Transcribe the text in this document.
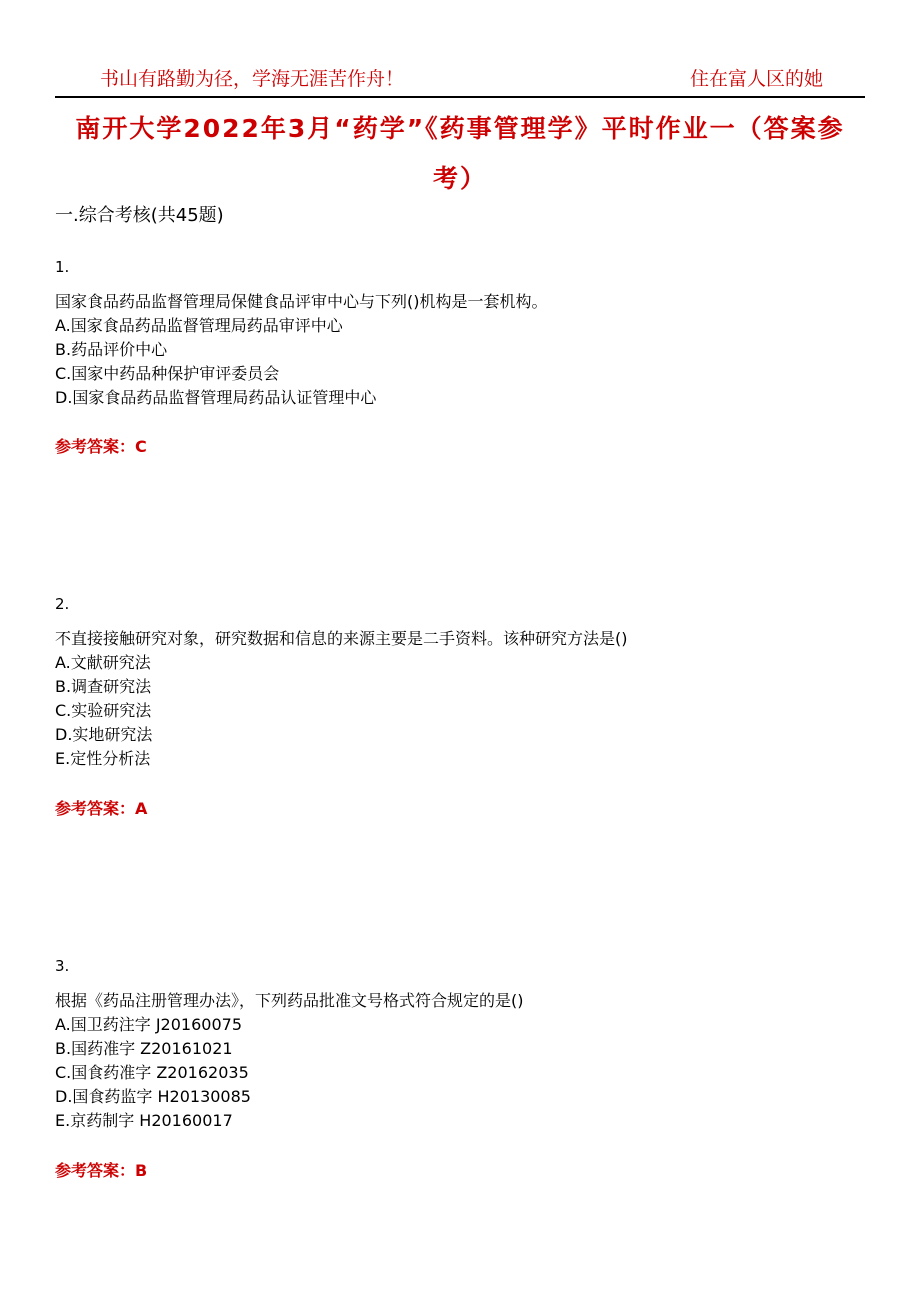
书山有路勤为径，学海无涯苦作舟！	住在富人区的她
南开大学2022年3月“药学”《药事管理学》平时作业一（答案参考）
一.综合考核(共45题)
1.
国家食品药品监督管理局保健食品评审中心与下列()机构是一套机构。
A.国家食品药品监督管理局药品审评中心
B.药品评价中心
C.国家中药品种保护审评委员会
D.国家食品药品监督管理局药品认证管理中心
参考答案：C
2.
不直接接触研究对象，研究数据和信息的来源主要是二手资料。该种研究方法是()
A.文献研究法
B.调查研究法
C.实验研究法
D.实地研究法
E.定性分析法
参考答案：A
3.
根据《药品注册管理办法》，下列药品批准文号格式符合规定的是()
A.国卫药注字 J20160075
B.国药准字 Z20161021
C.国食药准字 Z20162035
D.国食药监字 H20130085
E.京药制字 H20160017
参考答案：B
